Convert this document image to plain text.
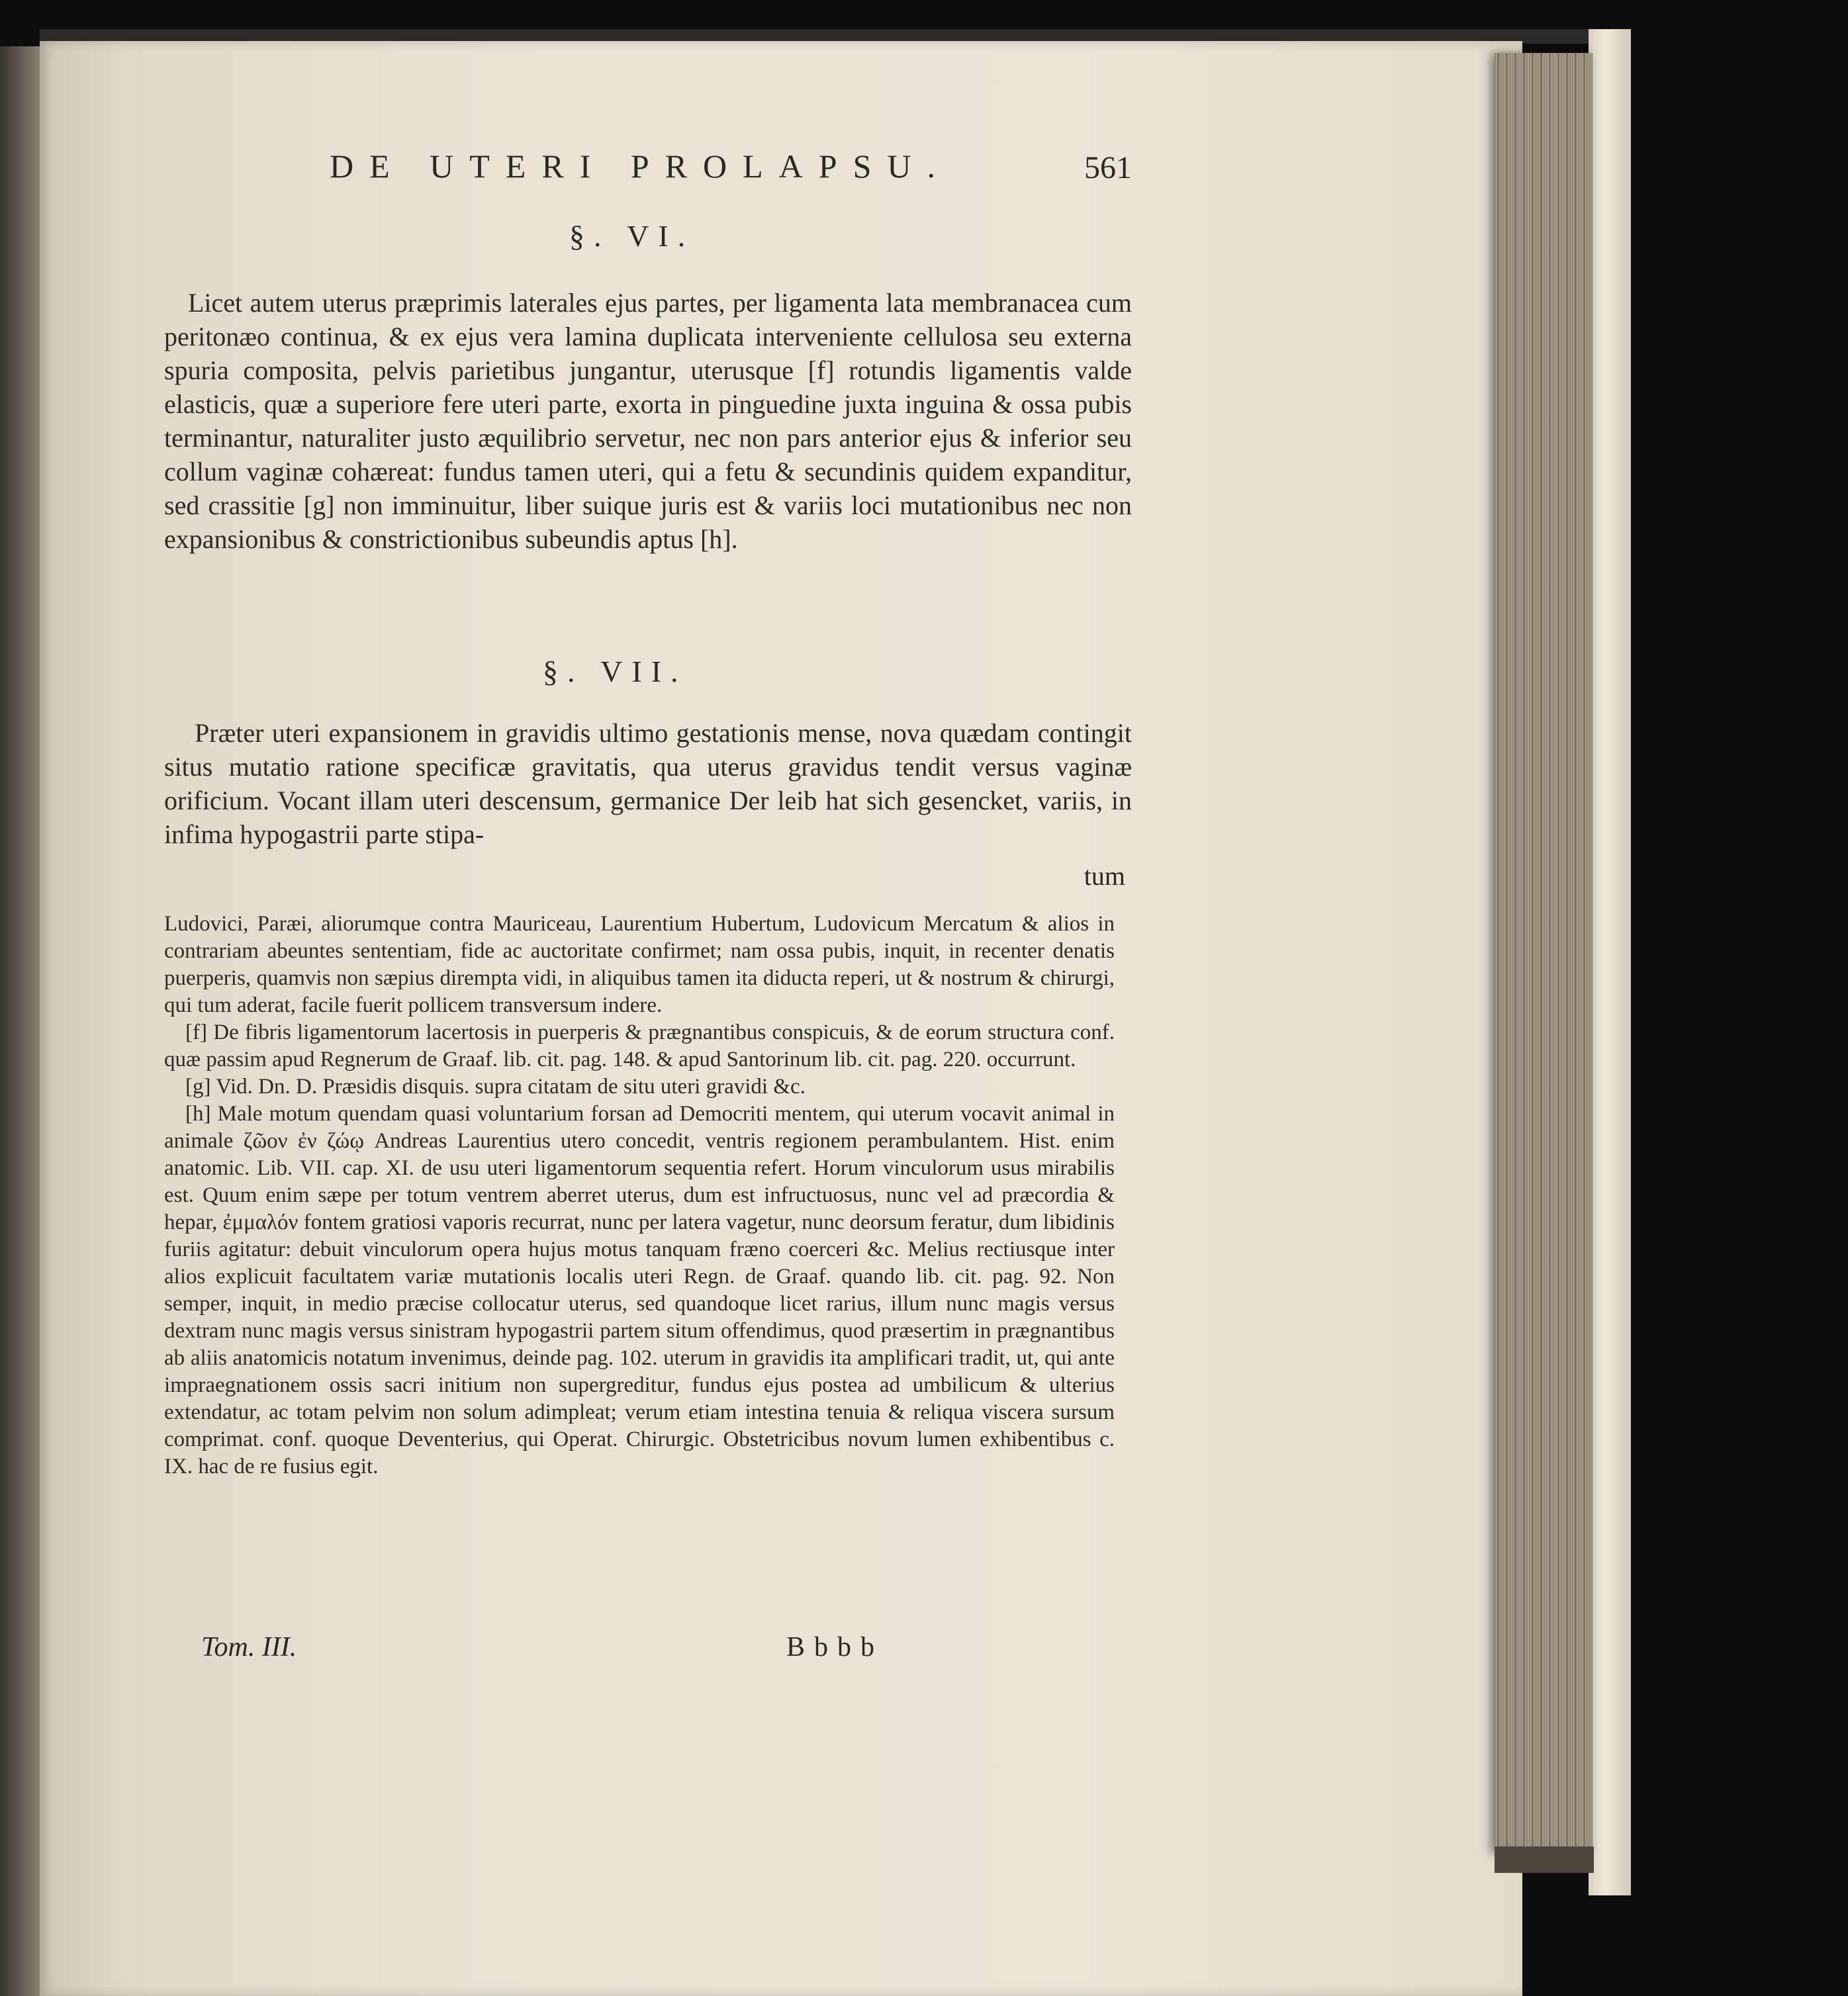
DE UTERI PROLAPSU.	561
§. VI.
Licet autem uterus præprimis laterales ejus partes, per ligamenta lata membranacea cum peritonæo continua, & ex ejus vera lamina duplicata interveniente cellulosa seu externa spuria composita, pelvis parietibus jungantur, uterusque [f] rotundis ligamentis valde elasticis, quæ a superiore fere uteri parte, exorta in pinguedine juxta inguina & ossa pubis terminantur, naturaliter justo æquilibrio servetur, nec non pars anterior ejus & inferior seu collum vaginæ cohæreat: fundus tamen uteri, qui a fetu & secundinis quidem expanditur, sed crassitie [g] non imminuitur, liber suique juris est & variis loci mutationibus nec non expansionibus & constrictionibus subeundis aptus [h].
§. VII.
Præter uteri expansionem in gravidis ultimo gestationis mense, nova quædam contingit situs mutatio ratione specificæ gravitatis, qua uterus gravidus tendit versus vaginæ orificium. Vocant illam uteri descensum, germanice Der leib hat sich gesencket, variis, in infima hypogastrii parte stipa-
tum

Ludovici, Paræi, aliorumque contra Mauriceau, Laurentium Hubertum, Ludovicum Mercatum & alios in contrariam abeuntes sententiam, fide ac auctoritate confirmet; nam ossa pubis, inquit, in recenter denatis puerperis, quamvis non sæpius dirempta vidi, in aliquibus tamen ita diducta reperi, ut & nostrum & chirurgi, qui tum aderat, facile fuerit pollicem transversum indere.

[f] De fibris ligamentorum lacertosis in puerperis & prægnantibus conspicuis, & de eorum structura conf. quæ passim apud Regnerum de Graaf. lib. cit. pag. 148. & apud Santorinum lib. cit. pag. 220. occurrunt.

[g] Vid. Dn. D. Præsidis disquis. supra citatam de situ uteri gravidi &c.

[h] Male motum quendam quasi voluntarium forsan ad Democriti mentem, qui uterum vocavit animal in animale ζῶον ἐν ζώῳ Andreas Laurentius utero concedit, ventris regionem perambulantem. Hist. enim anatomic. Lib. VII. cap. XI. de usu uteri ligamentorum sequentia refert. Horum vinculorum usus mirabilis est. Quum enim sæpe per totum ventrem aberret uterus, dum est infructuosus, nunc vel ad præcordia & hepar, ἐμμαλόν fontem gratiosi vaporis recurrat, nunc per latera vagetur, nunc deorsum feratur, dum libidinis furiis agitatur: debuit vinculorum opera hujus motus tanquam fræno coerceri &c. Melius rectiusque inter alios explicuit facultatem variæ mutationis localis uteri Regn. de Graaf. quando lib. cit. pag. 92. Non semper, inquit, in medio præcise collocatur uterus, sed quandoque licet rarius, illum nunc magis versus dextram nunc magis versus sinistram hypogastrii partem situm offendimus, quod præsertim in prægnantibus ab aliis anatomicis notatum invenimus, deinde pag. 102. uterum in gravidis ita amplificari tradit, ut, qui ante impraegnationem ossis sacri initium non supergreditur, fundus ejus postea ad umbilicum & ulterius extendatur, ac totam pelvim non solum adimpleat; verum etiam intestina tenuia & reliqua viscera sursum comprimat. conf. quoque Deventerius, qui Operat. Chirurgic. Obstetricibus novum lumen exhibentibus c. IX. hac de re fusius egit.

Tom. III.	Bbbb
